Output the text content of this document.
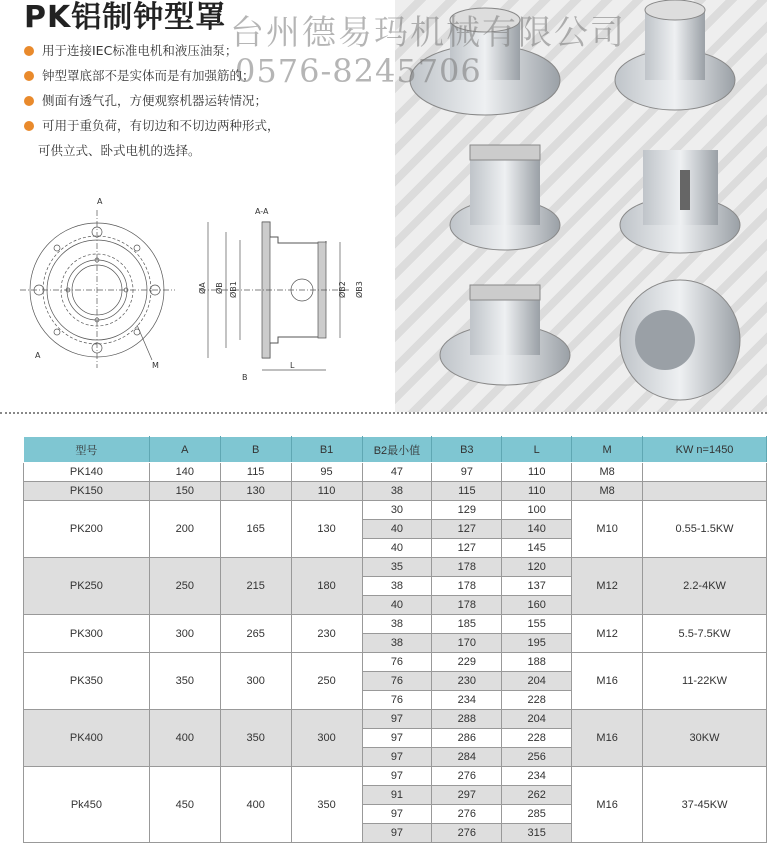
台州德易玛机械有限公司
0576-8245706
PK铝制钟型罩
用于连接IEC标准电机和液压油泵；
钟型罩底部不是实体而是有加强筋的；
侧面有透气孔，方便观察机器运转情况；
可用于重负荷，有切边和不切边两种形式，
可供立式、卧式电机的选择。
A
A
M
A-A
ØA ØB ØB1	ØB2 ØB3
L
B
型号	A	B	B1	B2最小值	B3	L	M	KW n=1450
PK140	140	115	95	47	97	110	M8	
PK150	150	130	110	38	115	110	M8	
PK200	200	165	130	30	129	100	M10	0.55-1.5KW
				40	127	140		
				40	127	145		
PK250	250	215	180	35	178	120	M12	2.2-4KW
				38	178	137		
				40	178	160		
PK300	300	265	230	38	185	155	M12	5.5-7.5KW
				38	170	195		
PK350	350	300	250	76	229	188	M16	11-22KW
				76	230	204		
				76	234	228		
PK400	400	350	300	97	288	204	M16	30KW
				97	286	228		
				97	284	256		
Pk450	450	400	350	97	276	234	M16	37-45KW
				91	297	262		
				97	276	285		
				97	276	315		
